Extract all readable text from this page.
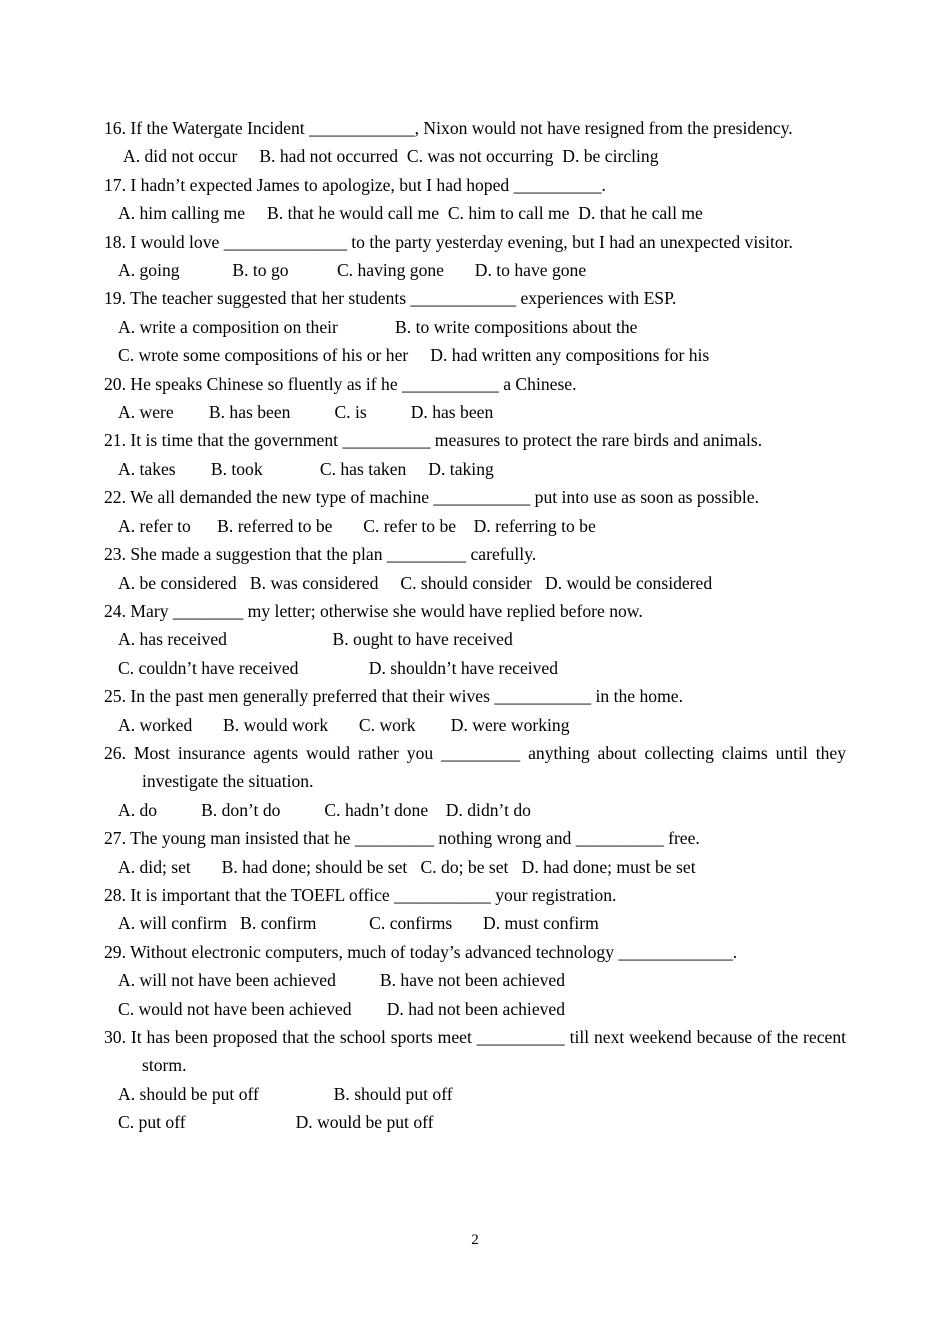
16. If the Watergate Incident ____________, Nixon would not have resigned from the presidency.
A. did not occur     B. had not occurred  C. was not occurring  D. be circling
17. I hadn’t expected James to apologize, but I had hoped __________.
A. him calling me     B. that he would call me  C. him to call me  D. that he call me
18. I would love ______________ to the party yesterday evening, but I had an unexpected visitor.
A. going            B. to go           C. having gone       D. to have gone
19. The teacher suggested that her students ____________ experiences with ESP.
A. write a composition on their             B. to write compositions about the
C. wrote some compositions of his or her     D. had written any compositions for his
20. He speaks Chinese so fluently as if he ___________ a Chinese.
A. were        B. has been          C. is          D. has been
21. It is time that the government __________ measures to protect the rare birds and animals.
A. takes        B. took             C. has taken     D. taking
22. We all demanded the new type of machine ___________ put into use as soon as possible.
A. refer to      B. referred to be       C. refer to be    D. referring to be
23. She made a suggestion that the plan _________ carefully.
A. be considered   B. was considered     C. should consider   D. would be considered
24. Mary ________ my letter; otherwise she would have replied before now.
A. has received                        B. ought to have received
C. couldn’t have received                D. shouldn’t have received
25. In the past men generally preferred that their wives ___________ in the home.
A. worked       B. would work       C. work        D. were working
26. Most insurance agents would rather you _________ anything about collecting claims until they investigate the situation.
A. do          B. don’t do          C. hadn’t done    D. didn’t do
27. The young man insisted that he _________ nothing wrong and __________ free.
A. did; set       B. had done; should be set   C. do; be set   D. had done; must be set
28. It is important that the TOEFL office ___________ your registration.
A. will confirm   B. confirm            C. confirms       D. must confirm
29. Without electronic computers, much of today’s advanced technology _____________.
A. will not have been achieved          B. have not been achieved
C. would not have been achieved        D. had not been achieved
30. It has been proposed that the school sports meet __________ till next weekend because of the recent storm.
A. should be put off                 B. should put off
C. put off                         D. would be put off
2
